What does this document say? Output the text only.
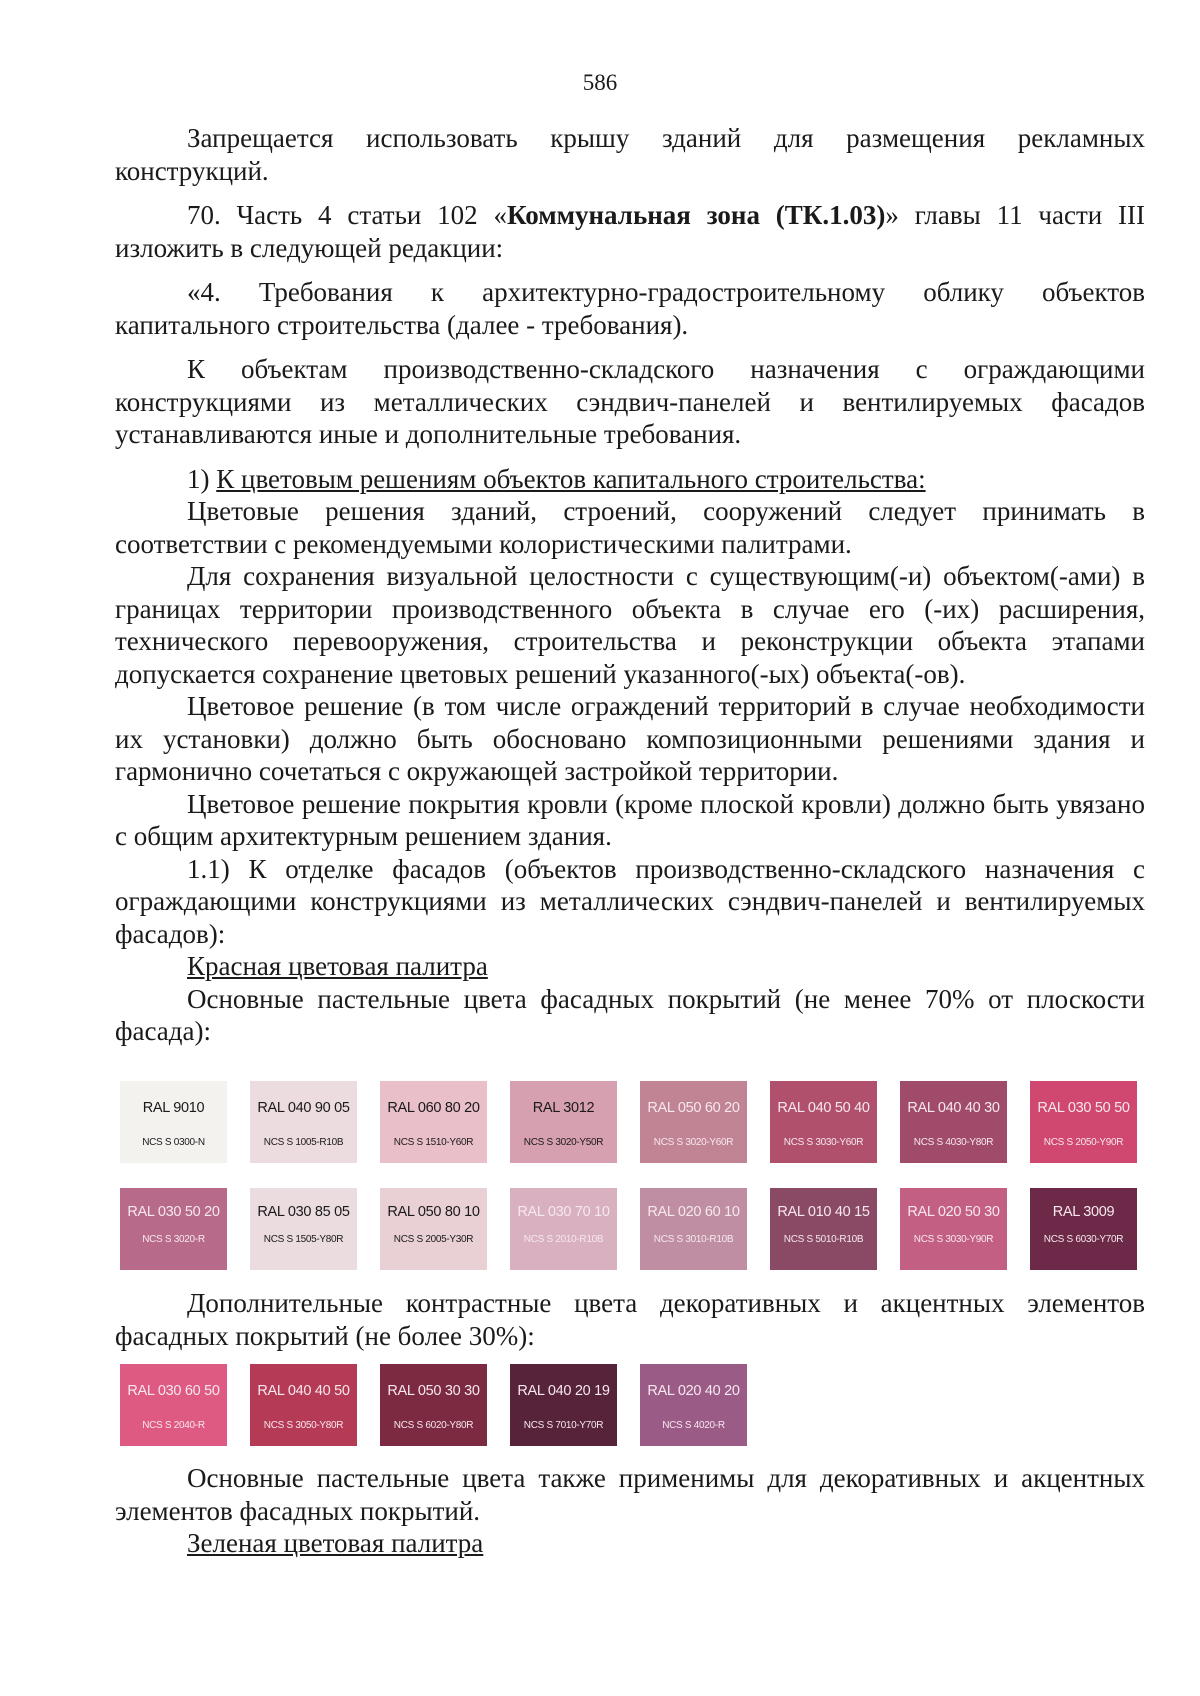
586

Запрещается использовать крышу зданий для размещения рекламных конструкций.

70. Часть 4 статьи 102 «Коммунальная зона (ТК.1.03)» главы 11 части III изложить в следующей редакции:

«4. Требования к архитектурно-градостроительному облику объектов капитального строительства (далее - требования).

К объектам производственно-складского назначения с ограждающими конструкциями из металлических сэндвич-панелей и вентилируемых фасадов устанавливаются иные и дополнительные требования.

1) К цветовым решениям объектов капитального строительства:

Цветовые решения зданий, строений, сооружений следует принимать в соответствии с рекомендуемыми колористическими палитрами.

Для сохранения визуальной целостности с существующим(-и) объектом(-ами) в границах территории производственного объекта в случае его (-их) расширения, технического перевооружения, строительства и реконструкции объекта этапами допускается сохранение цветовых решений указанного(-ых) объекта(-ов).

Цветовое решение (в том числе ограждений территорий в случае необходимости их установки) должно быть обосновано композиционными решениями здания и гармонично сочетаться с окружающей застройкой территории.

Цветовое решение покрытия кровли (кроме плоской кровли) должно быть увязано с общим архитектурным решением здания.

1.1) К отделке фасадов (объектов производственно-складского назначения с ограждающими конструкциями из металлических сэндвич-панелей и вентилируемых фасадов):

Красная цветовая палитра

Основные пастельные цвета фасадных покрытий (не менее 70% от плоскости фасада):

RAL 9010
NCS S 0300-N
RAL 040 90 05
NCS S 1005-R10B
RAL 060 80 20
NCS S 1510-Y60R
RAL 3012
NCS S 3020-Y50R
RAL 050 60 20
NCS S 3020-Y60R
RAL 040 50 40
NCS S 3030-Y60R
RAL 040 40 30
NCS S 4030-Y80R
RAL 030 50 50
NCS S 2050-Y90R
RAL 030 50 20
NCS S 3020-R
RAL 030 85 05
NCS S 1505-Y80R
RAL 050 80 10
NCS S 2005-Y30R
RAL 030 70 10
NCS S 2010-R10B
RAL 020 60 10
NCS S 3010-R10B
RAL 010 40 15
NCS S 5010-R10B
RAL 020 50 30
NCS S 3030-Y90R
RAL 3009
NCS S 6030-Y70R

Дополнительные контрастные цвета декоративных и акцентных элементов фасадных покрытий (не более 30%):

RAL 030 60 50
NCS S 2040-R
RAL 040 40 50
NCS S 3050-Y80R
RAL 050 30 30
NCS S 6020-Y80R
RAL 040 20 19
NCS S 7010-Y70R
RAL 020 40 20
NCS S 4020-R

Основные пастельные цвета также применимы для декоративных и акцентных элементов фасадных покрытий.

Зеленая цветовая палитра
